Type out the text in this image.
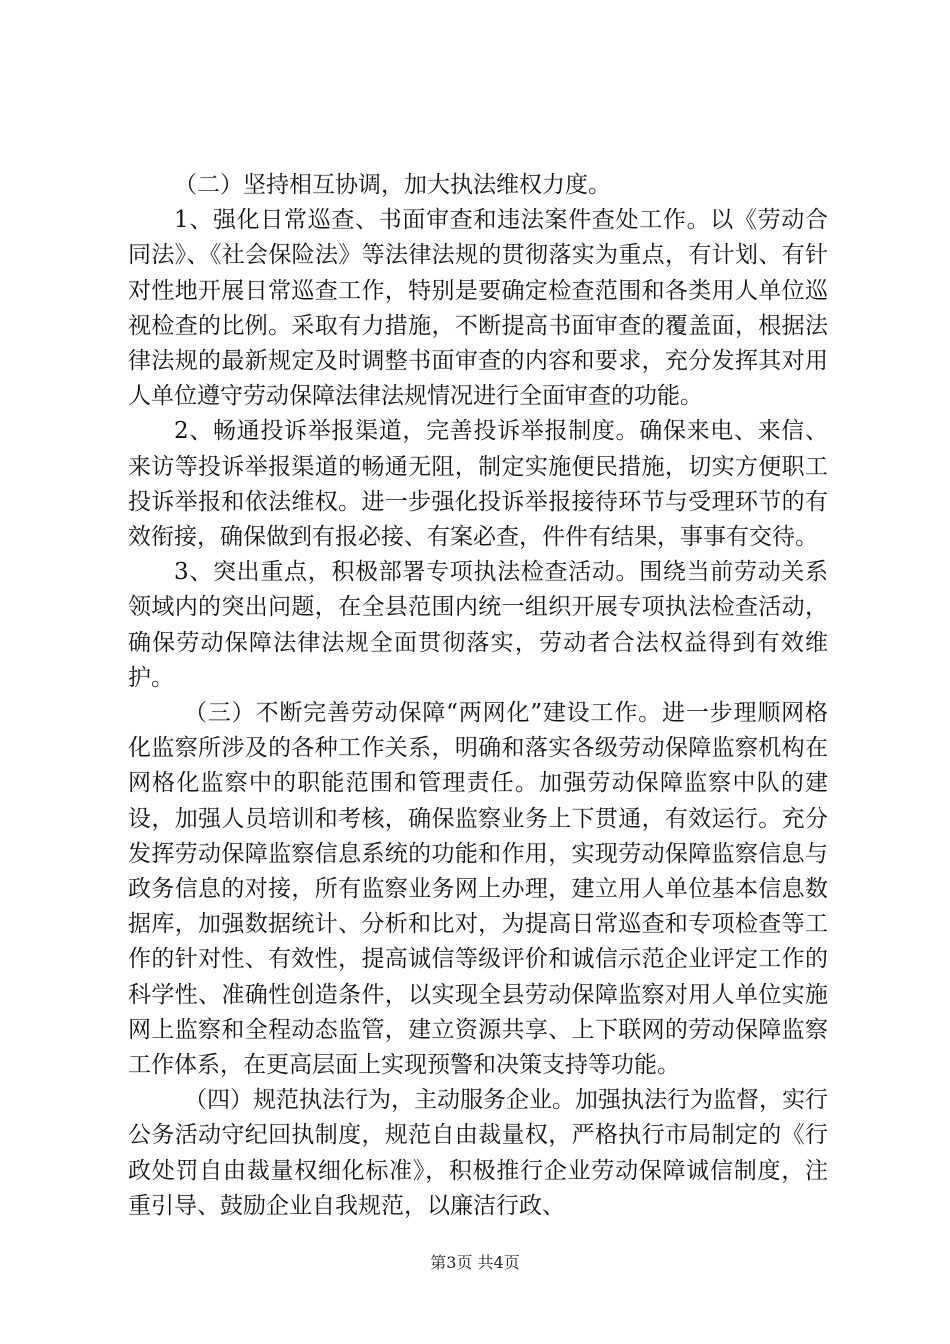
（二）坚持相互协调，加大执法维权力度。

1、强化日常巡查、书面审查和违法案件查处工作。以《劳动合同法》、《社会保险法》等法律法规的贯彻落实为重点，有计划、有针对性地开展日常巡查工作，特别是要确定检查范围和各类用人单位巡视检查的比例。采取有力措施，不断提高书面审查的覆盖面，根据法律法规的最新规定及时调整书面审查的内容和要求，充分发挥其对用人单位遵守劳动保障法律法规情况进行全面审查的功能。

2、畅通投诉举报渠道，完善投诉举报制度。确保来电、来信、来访等投诉举报渠道的畅通无阻，制定实施便民措施，切实方便职工投诉举报和依法维权。进一步强化投诉举报接待环节与受理环节的有效衔接，确保做到有报必接、有案必查，件件有结果，事事有交待。

3、突出重点，积极部署专项执法检查活动。围绕当前劳动关系领域内的突出问题，在全县范围内统一组织开展专项执法检查活动，确保劳动保障法律法规全面贯彻落实，劳动者合法权益得到有效维护。

（三）不断完善劳动保障“两网化”建设工作。进一步理顺网格化监察所涉及的各种工作关系，明确和落实各级劳动保障监察机构在网格化监察中的职能范围和管理责任。加强劳动保障监察中队的建设，加强人员培训和考核，确保监察业务上下贯通，有效运行。充分发挥劳动保障监察信息系统的功能和作用，实现劳动保障监察信息与政务信息的对接，所有监察业务网上办理，建立用人单位基本信息数据库，加强数据统计、分析和比对，为提高日常巡查和专项检查等工作的针对性、有效性，提高诚信等级评价和诚信示范企业评定工作的科学性、准确性创造条件，以实现全县劳动保障监察对用人单位实施网上监察和全程动态监管，建立资源共享、上下联网的劳动保障监察工作体系，在更高层面上实现预警和决策支持等功能。

（四）规范执法行为，主动服务企业。加强执法行为监督，实行公务活动守纪回执制度，规范自由裁量权，严格执行市局制定的《行政处罚自由裁量权细化标准》，积极推行企业劳动保障诚信制度，注重引导、鼓励企业自我规范，以廉洁行政、

第3页 共4页
